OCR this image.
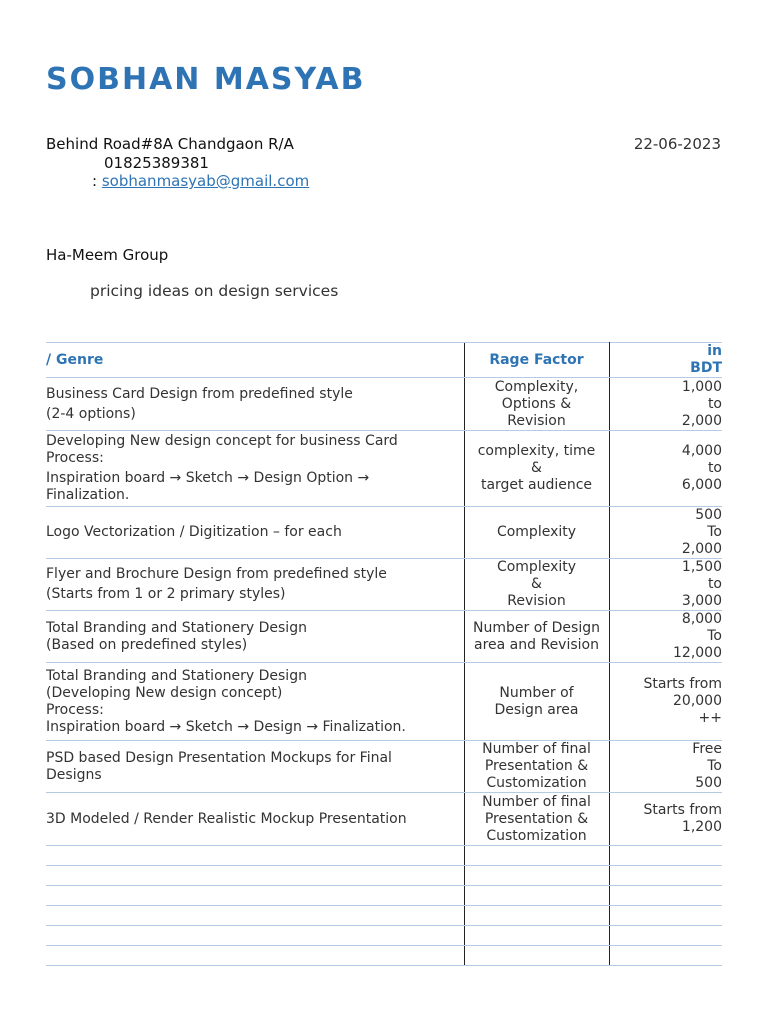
SOBHAN MASYAB
Behind Road#8A Chandgaon R/A	22-06-2023
01825389381
: sobhanmasyab@gmail.com
Ha-Meem Group
pricing ideas on design services
/ Genre	Rage Factor	in
BDT

Business Card Design from predefined style
(2-4 options)	Complexity,
Options &
Revision	1,000
to
2,000

Developing New design concept for business Card
Process:
Inspiration board → Sketch → Design Option →
Finalization.	complexity, time
&
target audience	4,000
to
6,000

Logo Vectorization / Digitization – for each	Complexity	500
To
2,000

Flyer and Brochure Design from predefined style
(Starts from 1 or 2 primary styles)	Complexity
&
Revision	1,500
to
3,000

Total Branding and Stationery Design
(Based on predefined styles)	Number of Design
area and Revision	8,000
To
12,000

Total Branding and Stationery Design
(Developing New design concept)
Process:
Inspiration board → Sketch → Design → Finalization.	Number of
Design area	Starts from
20,000
++

PSD based Design Presentation Mockups for Final
Designs	Number of final
Presentation &
Customization	Free
To
500

3D Modeled / Render Realistic Mockup Presentation	Number of final
Presentation &
Customization	Starts from
1,200
